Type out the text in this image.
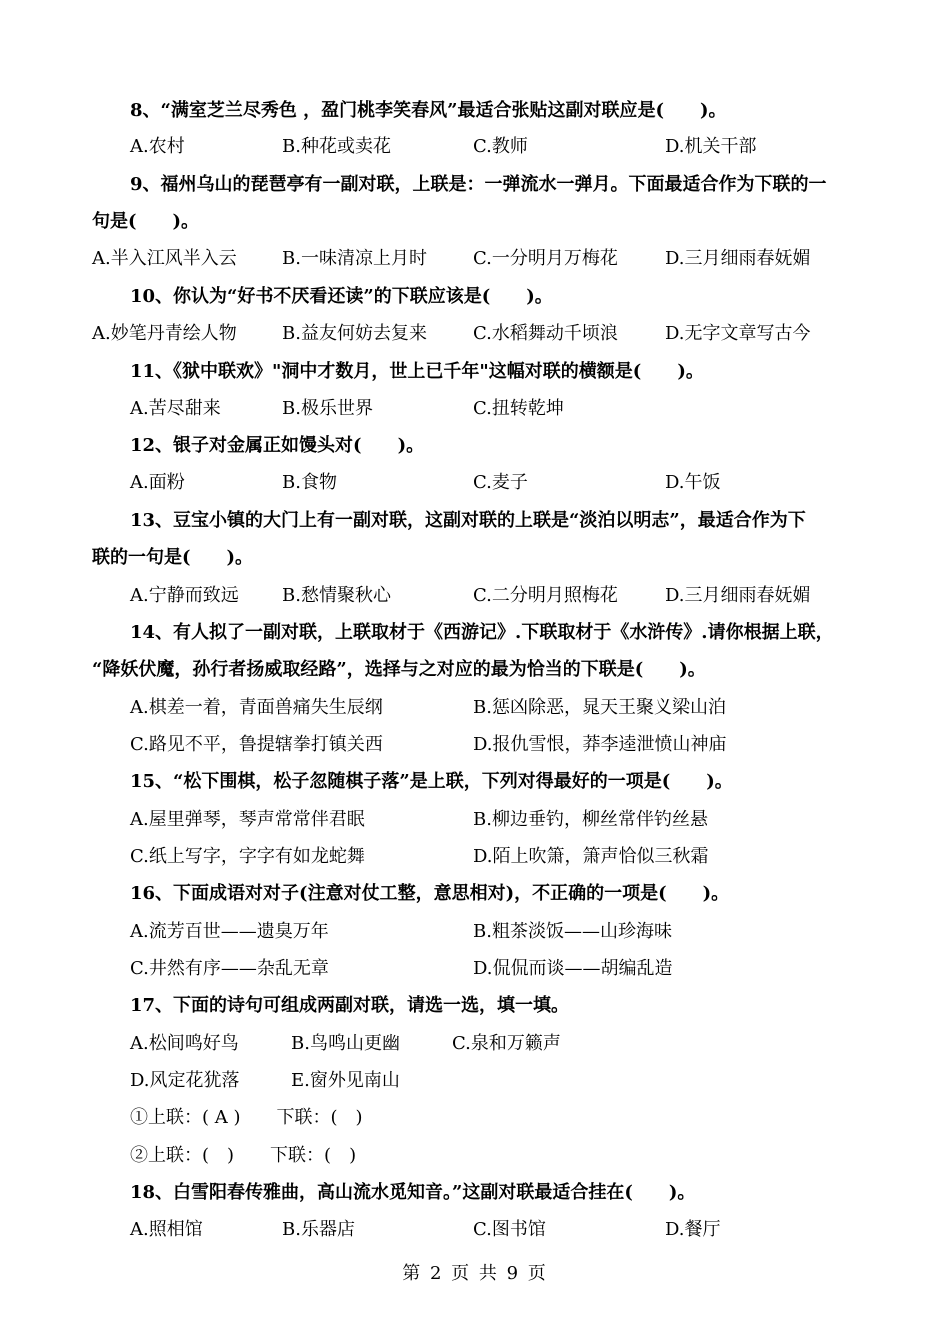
8、“满室芝兰尽秀色 ，盈门桃李笑春风”最适合张贴这副对联应是(　　)。
A.农村	B.种花或卖花	C.教师	D.机关干部
9、福州乌山的琵琶亭有一副对联，上联是：一弹流水一弹月。下面最适合作为下联的一
句是(　　)。
A.半入江风半入云	B.一味清凉上月时	C.一分明月万梅花	D.三月细雨春妩媚
10、你认为“好书不厌看还读”的下联应该是(　　)。
A.妙笔丹青绘人物	B.益友何妨去复来	C.水稻舞动千顷浪	D.无字文章写古今
11、《狱中联欢》"洞中才数月，世上已千年"这幅对联的横额是(　　)。
A.苦尽甜来	B.极乐世界	C.扭转乾坤
12、银子对金属正如馒头对(　　)。
A.面粉	B.食物	C.麦子	D.午饭
13、豆宝小镇的大门上有一副对联，这副对联的上联是“淡泊以明志”，最适合作为下
联的一句是(　　)。
A.宁静而致远 B.愁情聚秋心	C.二分明月照梅花	D.三月细雨春妩媚
14、有人拟了一副对联，上联取材于《西游记》.下联取材于《水浒传》.请你根据上联，
“降妖伏魔，孙行者扬威取经路”，选择与之对应的最为恰当的下联是(　　)。
A.棋差一着，青面兽痛失生辰纲	B.惩凶除恶，晁天王聚义梁山泊
C.路见不平，鲁提辖拳打镇关西	D.报仇雪恨，莽李逵泄愤山神庙
15、“松下围棋，松子忽随棋子落”是上联，下列对得最好的一项是(　　)。
A.屋里弹琴，琴声常常伴君眠	B.柳边垂钓，柳丝常伴钓丝悬
C.纸上写字，字字有如龙蛇舞	D.陌上吹箫，箫声恰似三秋霜
16、下面成语对对子(注意对仗工整，意思相对)，不正确的一项是(　　)。
A.流芳百世——遗臭万年	B.粗茶淡饭——山珍海味
C.井然有序——杂乱无章	D.侃侃而谈——胡编乱造
17、下面的诗句可组成两副对联，请选一选，填一填。
A.松间鸣好鸟	B.鸟鸣山更幽	C.泉和万籁声
D.风定花犹落	E.窗外见南山
①上联：( A )　　下联：(　)
②上联：(　)　　下联：(　)
18、白雪阳春传雅曲，高山流水觅知音。”这副对联最适合挂在(　　)。
A.照相馆	B.乐器店	C.图书馆	D.餐厅
第 2 页 共 9 页
